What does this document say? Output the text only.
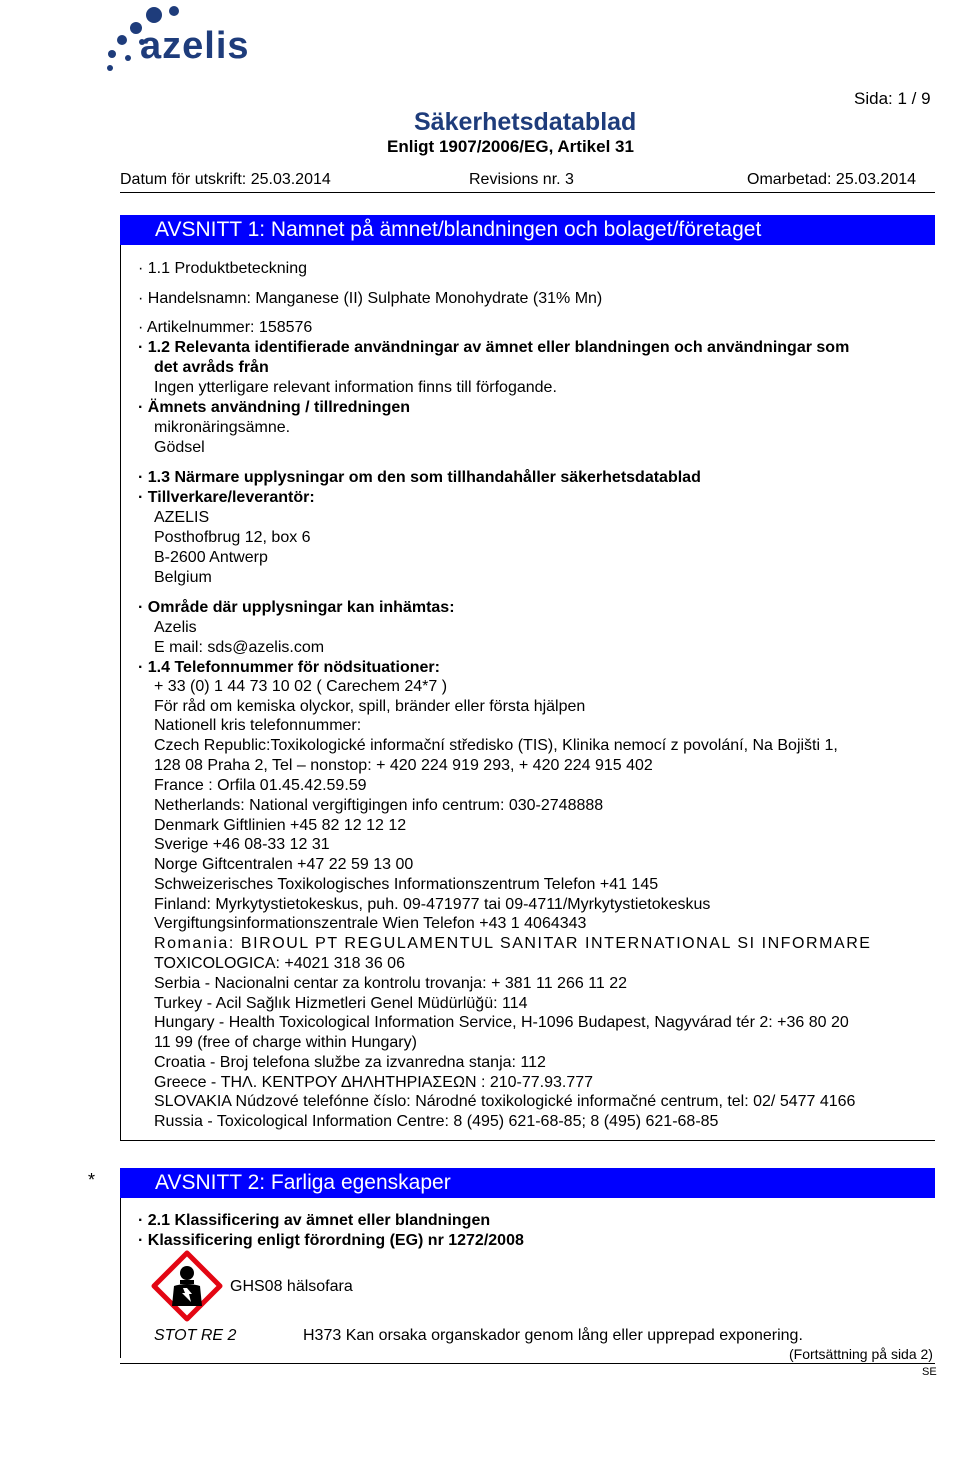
azelis
Sida: 1 / 9
Säkerhetsdatablad
Enligt 1907/2006/EG, Artikel 31
Datum för utskrift: 25.03.2014	Revisions nr. 3	Omarbetad: 25.03.2014
AVSNITT 1: Namnet på ämnet/blandningen och bolaget/företaget
· 1.1 Produktbeteckning
· Handelsnamn: Manganese (II) Sulphate Monohydrate (31% Mn)
· Artikelnummer: 158576
· 1.2 Relevanta identifierade användningar av ämnet eller blandningen och användningar som
det avråds från
Ingen ytterligare relevant information finns till förfogande.
· Ämnets användning / tillredningen
mikronäringsämne.
Gödsel
· 1.3 Närmare upplysningar om den som tillhandahåller säkerhetsdatablad
· Tillverkare/leverantör:
AZELIS
Posthofbrug 12, box 6
B-2600 Antwerp
Belgium
· Område där upplysningar kan inhämtas:
Azelis
E mail: sds@azelis.com
· 1.4 Telefonnummer för nödsituationer:
+ 33 (0) 1 44 73 10 02 ( Carechem 24*7 )
För råd om kemiska olyckor, spill, bränder eller första hjälpen
Nationell kris telefonnummer:
Czech Republic:Toxikologické informační středisko (TIS), Klinika nemocí z povolání, Na Bojišti 1,
128 08 Praha 2, Tel – nonstop: + 420 224 919 293, + 420 224 915 402
France : Orfila 01.45.42.59.59
Netherlands: National vergiftigingen info centrum: 030-2748888
Denmark Giftlinien +45 82 12 12 12
Sverige +46 08-33 12 31
Norge Giftcentralen +47 22 59 13 00
Schweizerisches Toxikologisches Informationszentrum Telefon +41 145
Finland: Myrkytystietokeskus, puh. 09-471977 tai 09-4711/Myrkytystietokeskus
Vergiftungsinformationszentrale Wien Telefon +43 1 4064343
Romania: BIROUL PT REGULAMENTUL SANITAR INTERNATIONAL SI INFORMARE
TOXICOLOGICA: +4021 318 36 06
Serbia - Nacionalni centar za kontrolu trovanja: + 381 11 266 11 22
Turkey - Acil Sağlık Hizmetleri Genel Müdürlüğü: 114
Hungary - Health Toxicological Information Service, H-1096 Budapest, Nagyvárad tér 2: +36 80 20
11 99 (free of charge within Hungary)
Croatia - Broj telefona službe za izvanredna stanja: 112
Greece - ΤΗΛ. ΚΕΝΤΡΟΥ ΔΗΛΗΤΗΡΙΑΣΕΩΝ : 210-77.93.777
SLOVAKIA Núdzové telefónne číslo: Národné toxikologické informačné centrum, tel: 02/ 5477 4166
Russia - Toxicological Information Centre: 8 (495) 621-68-85; 8 (495) 621-68-85
*	AVSNITT 2: Farliga egenskaper
· 2.1 Klassificering av ämnet eller blandningen
· Klassificering enligt förordning (EG) nr 1272/2008
GHS08 hälsofara
STOT RE 2	H373 Kan orsaka organskador genom lång eller upprepad exponering.
(Fortsättning på sida 2)
SE
